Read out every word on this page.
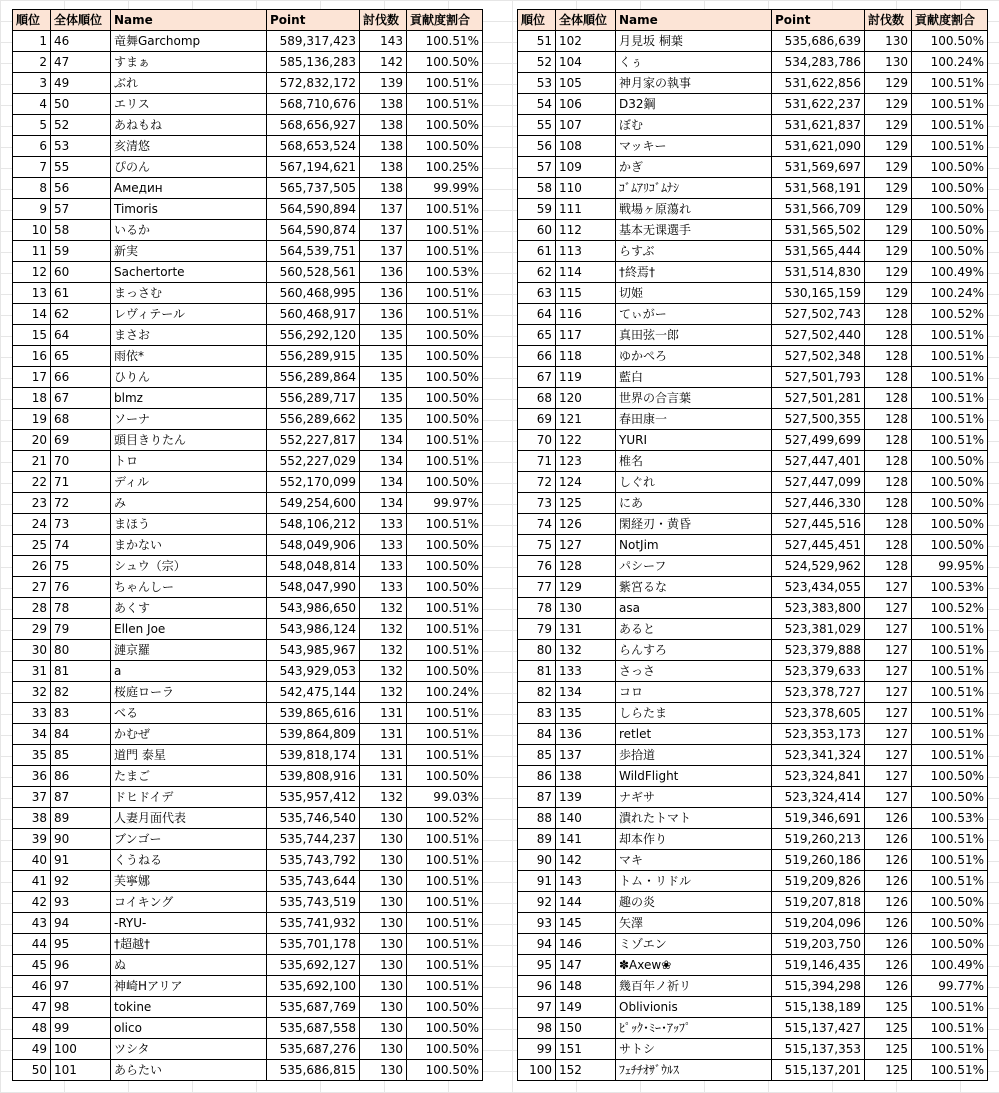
順位	全体順位	Name	Point	討伐数	貢献度割合
1	46	竜舞Garchomp	589,317,423	143	100.51%
2	47	すまぁ	585,136,283	142	100.50%
3	49	ぶれ	572,832,172	139	100.51%
4	50	エリス	568,710,676	138	100.51%
5	52	あねもね	568,656,927	138	100.50%
6	53	亥清悠	568,653,524	138	100.50%
7	55	ぴのん	567,194,621	138	100.25%
8	56	Амедин	565,737,505	138	99.99%
9	57	Timoris	564,590,894	137	100.51%
10	58	いるか	564,590,874	137	100.51%
11	59	新実	564,539,751	137	100.51%
12	60	Sachertorte	560,528,561	136	100.53%
13	61	まっさむ	560,468,995	136	100.51%
14	62	レヴィテール	560,468,917	136	100.51%
15	64	まさお	556,292,120	135	100.50%
16	65	雨依*	556,289,915	135	100.50%
17	66	ひりん	556,289,864	135	100.50%
18	67	blmz	556,289,717	135	100.50%
19	68	ソーナ	556,289,662	135	100.50%
20	69	頭目きりたん	552,227,817	134	100.51%
21	70	トロ	552,227,029	134	100.51%
22	71	ディル	552,170,099	134	100.50%
23	72	み	549,254,600	134	99.97%
24	73	まほう	548,106,212	133	100.51%
25	74	まかない	548,049,906	133	100.50%
26	75	シュウ（宗）	548,048,814	133	100.50%
27	76	ちゃんしー	548,047,990	133	100.50%
28	78	あくす	543,986,650	132	100.51%
29	79	Ellen Joe	543,986,124	132	100.51%
30	80	漣京羅	543,985,967	132	100.51%
31	81	a	543,929,053	132	100.50%
32	82	桜庭ローラ	542,475,144	132	100.24%
33	83	べる	539,865,616	131	100.51%
34	84	かむぜ	539,864,809	131	100.51%
35	85	道門 泰星	539,818,174	131	100.51%
36	86	たまご	539,808,916	131	100.50%
37	87	ドヒドイデ	535,957,412	132	99.03%
38	89	人妻月面代表	535,746,540	130	100.52%
39	90	ブンゴー	535,744,237	130	100.51%
40	91	くうねる	535,743,792	130	100.51%
41	92	芙寧娜	535,743,644	130	100.51%
42	93	コイキング	535,743,519	130	100.51%
43	94	-RYU-	535,741,932	130	100.51%
44	95	†超越†	535,701,178	130	100.51%
45	96	ぬ	535,692,127	130	100.51%
46	97	神崎Hアリア	535,692,100	130	100.51%
47	98	tokine	535,687,769	130	100.50%
48	99	olico	535,687,558	130	100.50%
49	100	ツシタ	535,687,276	130	100.50%
50	101	あらたい	535,686,815	130	100.50%
順位	全体順位	Name	Point	討伐数	貢献度割合
51	102	月見坂 桐葉	535,686,639	130	100.50%
52	104	くぅ	534,283,786	130	100.24%
53	105	神月家の執事	531,622,856	129	100.51%
54	106	D32鋼	531,622,237	129	100.51%
55	107	ぼむ	531,621,837	129	100.51%
56	108	マッキー	531,621,090	129	100.51%
57	109	かぎ	531,569,697	129	100.50%
58	110	ｺﾞﾑｱﾘｺﾞﾑﾅｼ	531,568,191	129	100.50%
59	111	戦場ヶ原蕩れ	531,566,709	129	100.50%
60	112	基本无课選手	531,565,502	129	100.50%
61	113	らすぶ	531,565,444	129	100.50%
62	114	†終焉†	531,514,830	129	100.49%
63	115	切姫	530,165,159	129	100.24%
64	116	てぃがー	527,502,743	128	100.52%
65	117	真田弦一郎	527,502,440	128	100.51%
66	118	ゆかぺろ	527,502,348	128	100.51%
67	119	藍白	527,501,793	128	100.51%
68	120	世界の合言葉	527,501,281	128	100.51%
69	121	春田康一	527,500,355	128	100.51%
70	122	YURI	527,499,699	128	100.51%
71	123	椎名	527,447,401	128	100.50%
72	124	しぐれ	527,447,099	128	100.50%
73	125	にあ	527,446,330	128	100.50%
74	126	閑経刃・黄昏	527,445,516	128	100.50%
75	127	NotJim	527,445,451	128	100.50%
76	128	パシーフ	524,529,962	128	99.95%
77	129	紫宮るな	523,434,055	127	100.53%
78	130	asa	523,383,800	127	100.52%
79	131	あると	523,381,029	127	100.51%
80	132	らんすろ	523,379,888	127	100.51%
81	133	さっさ	523,379,633	127	100.51%
82	134	コロ	523,378,727	127	100.51%
83	135	しらたま	523,378,605	127	100.51%
84	136	retlet	523,353,173	127	100.51%
85	137	歩拾道	523,341,324	127	100.51%
86	138	WildFlight	523,324,841	127	100.50%
87	139	ナギサ	523,324,414	127	100.50%
88	140	潰れたトマト	519,346,691	126	100.53%
89	141	却本作り	519,260,213	126	100.51%
90	142	マキ	519,260,186	126	100.51%
91	143	トム・リドル	519,209,826	126	100.51%
92	144	趣の炎	519,207,818	126	100.50%
93	145	矢澤	519,204,096	126	100.50%
94	146	ミゾエン	519,203,750	126	100.50%
95	147	✽Axew❀	519,146,435	126	100.49%
96	148	幾百年ノ祈リ	515,394,298	126	99.77%
97	149	Oblivionis	515,138,189	125	100.51%
98	150	ﾋﾟｯｸ･ﾐｰ･ｱｯﾌﾟ	515,137,427	125	100.51%
99	151	サトシ	515,137,353	125	100.51%
100	152	ﾌｪﾁﾁｵｻﾞｳﾙｽ	515,137,201	125	100.51%
